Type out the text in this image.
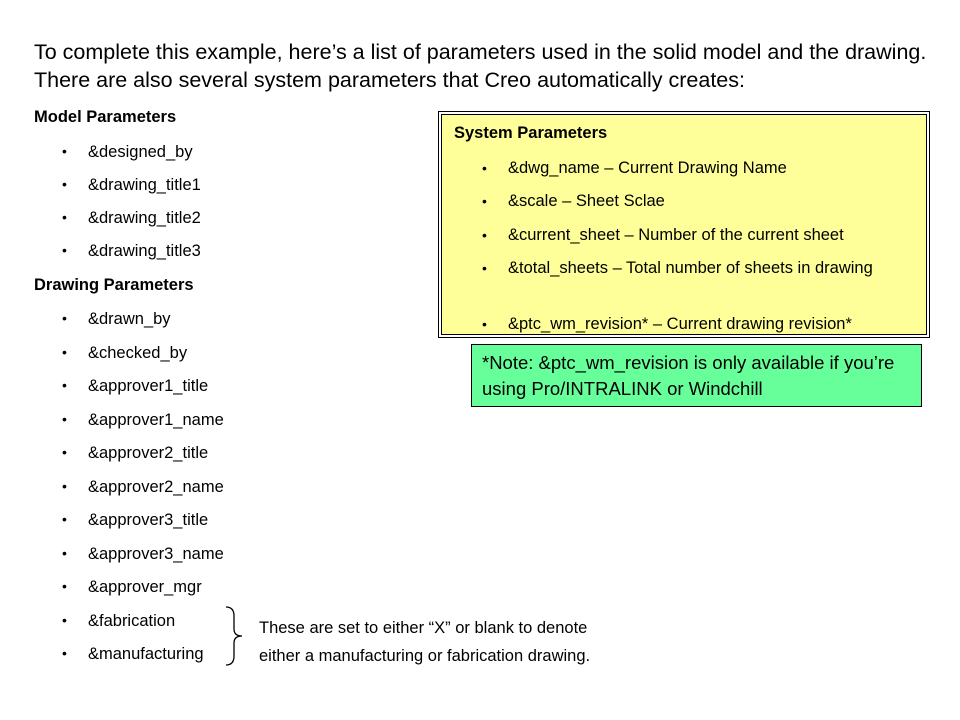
To complete this example, here’s a list of parameters used in the solid model and the drawing. There are also several system parameters that Creo automatically creates:

Model Parameters
• &designed_by
• &drawing_title1
• &drawing_title2
• &drawing_title3
Drawing Parameters
• &drawn_by
• &checked_by
• &approver1_title
• &approver1_name
• &approver2_title
• &approver2_name
• &approver3_title
• &approver3_name
• &approver_mgr
• &fabrication
• &manufacturing
System Parameters
• &dwg_name – Current Drawing Name
• &scale – Sheet Sclae
• &current_sheet – Number of the current sheet
• &total_sheets – Total number of sheets in drawing
• &ptc_wm_revision* – Current drawing revision*
*Note: &ptc_wm_revision is only available if you’re using Pro/INTRALINK or Windchill
These are set to either “X” or blank to denote
either a manufacturing or fabrication drawing.
